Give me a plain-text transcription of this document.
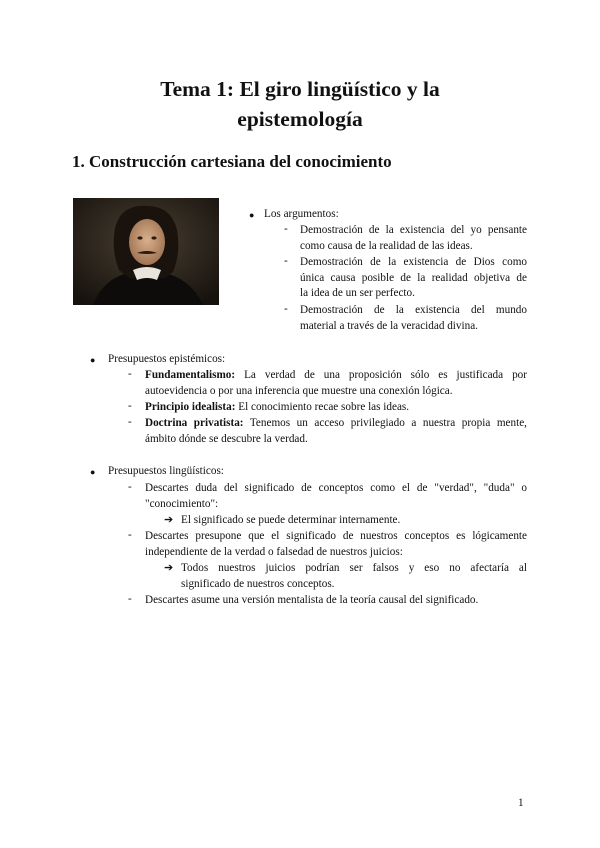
Tema 1: El giro lingüístico y la
epistemología
1. Construcción cartesiana del conocimiento
● Los argumentos:
- Demostración de la existencia del yo pensante
como causa de la realidad de las ideas.
- Demostración de la existencia de Dios como
única causa posible de la realidad objetiva de
la idea de un ser perfecto.
- Demostración de la existencia del mundo
material a través de la veracidad divina.
● Presupuestos epistémicos:
- Fundamentalismo: La verdad de una proposición sólo es justificada por
autoevidencia o por una inferencia que muestre una conexión lógica.
- Principio idealista: El conocimiento recae sobre las ideas.
- Doctrina privatista: Tenemos un acceso privilegiado a nuestra propia mente,
ámbito dónde se descubre la verdad.
● Presupuestos lingüísticos:
- Descartes duda del significado de conceptos como el de "verdad", "duda" o
"conocimiento":
➔ El significado se puede determinar internamente.
- Descartes presupone que el significado de nuestros conceptos es lógicamente
independiente de la verdad o falsedad de nuestros juicios:
➔ Todos nuestros juicios podrían ser falsos y eso no afectaría al
significado de nuestros conceptos.
- Descartes asume una versión mentalista de la teoría causal del significado.
1
